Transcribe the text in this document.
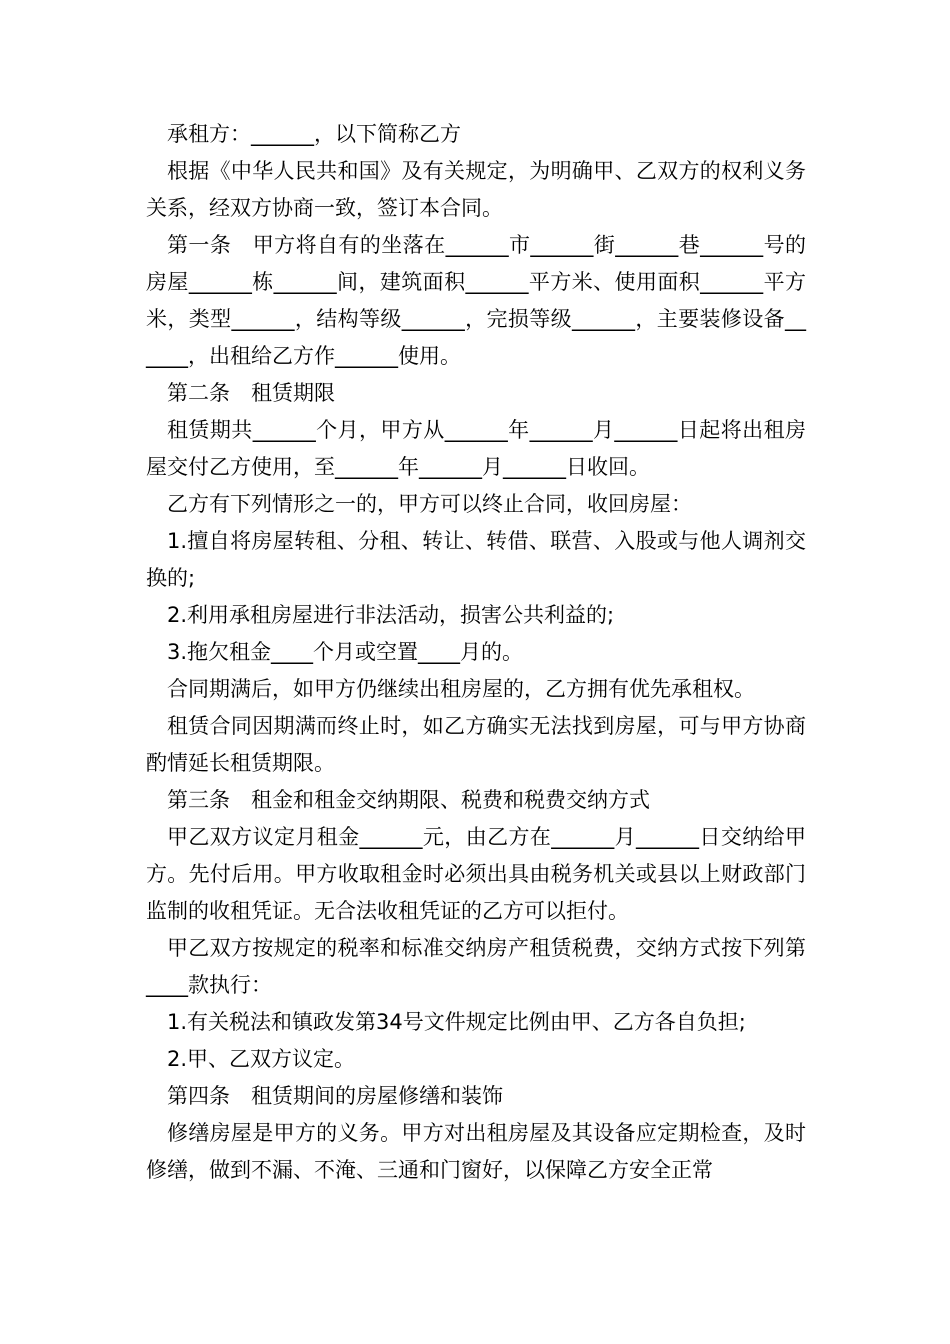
承租方：______，以下简称乙方

根据《中华人民共和国》及有关规定，为明确甲、乙双方的权利义务关系，经双方协商一致，签订本合同。

第一条　甲方将自有的坐落在______市______街______巷______号的房屋______栋______间，建筑面积______平方米、使用面积______平方米，类型______，结构等级______，完损等级______，主要装修设备______，出租给乙方作______使用。

第二条　租赁期限

租赁期共______个月，甲方从______年______月______日起将出租房屋交付乙方使用，至______年______月______日收回。

乙方有下列情形之一的，甲方可以终止合同，收回房屋：

1.擅自将房屋转租、分租、转让、转借、联营、入股或与他人调剂交换的;

2.利用承租房屋进行非法活动，损害公共利益的;

3.拖欠租金____个月或空置____月的。

合同期满后，如甲方仍继续出租房屋的，乙方拥有优先承租权。

租赁合同因期满而终止时，如乙方确实无法找到房屋，可与甲方协商酌情延长租赁期限。

第三条　租金和租金交纳期限、税费和税费交纳方式

甲乙双方议定月租金______元，由乙方在______月______日交纳给甲方。先付后用。甲方收取租金时必须出具由税务机关或县以上财政部门监制的收租凭证。无合法收租凭证的乙方可以拒付。

甲乙双方按规定的税率和标准交纳房产租赁税费，交纳方式按下列第____款执行：

1.有关税法和镇政发第34号文件规定比例由甲、乙方各自负担;

2.甲、乙双方议定。

第四条　租赁期间的房屋修缮和装饰

修缮房屋是甲方的义务。甲方对出租房屋及其设备应定期检查，及时修缮，做到不漏、不淹、三通和门窗好，以保障乙方安全正常
